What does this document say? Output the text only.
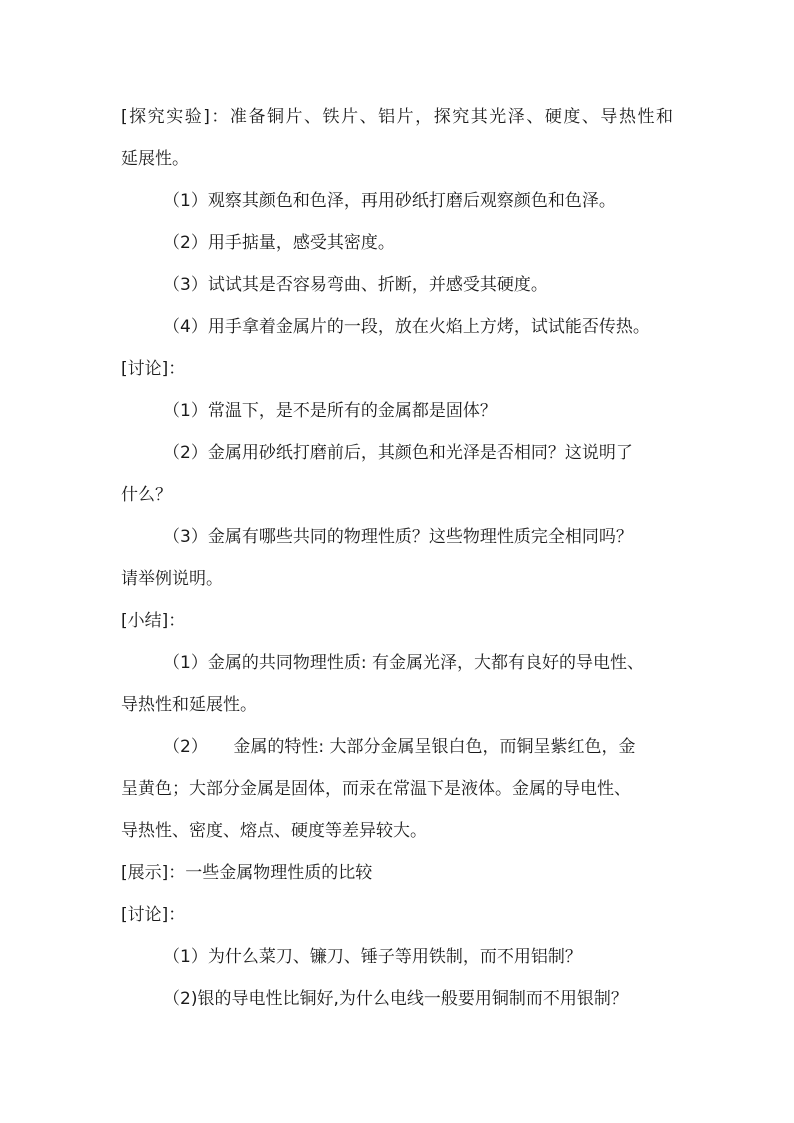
[探究实验]：准备铜片、铁片、铝片，探究其光泽、硬度、导热性和

延展性。

（1）观察其颜色和色泽，再用砂纸打磨后观察颜色和色泽。

（2）用手掂量，感受其密度。

（3）试试其是否容易弯曲、折断，并感受其硬度。

（4）用手拿着金属片的一段，放在火焰上方烤，试试能否传热。

[讨论]：

（1）常温下，是不是所有的金属都是固体？

（2）金属用砂纸打磨前后，其颜色和光泽是否相同？这说明了

什么？

（3）金属有哪些共同的物理性质？这些物理性质完全相同吗？

请举例说明。

[小结]：

（1）金属的共同物理性质: 有金属光泽，大都有良好的导电性、

导热性和延展性。

（2）　　金属的特性: 大部分金属呈银白色，而铜呈紫红色，金

呈黄色；大部分金属是固体，而汞在常温下是液体。金属的导电性、

导热性、密度、熔点、硬度等差异较大。

[展示]：一些金属物理性质的比较

[讨论]：

（1）为什么菜刀、镰刀、锤子等用铁制，而不用铝制？

（2)银的导电性比铜好,为什么电线一般要用铜制而不用银制？
